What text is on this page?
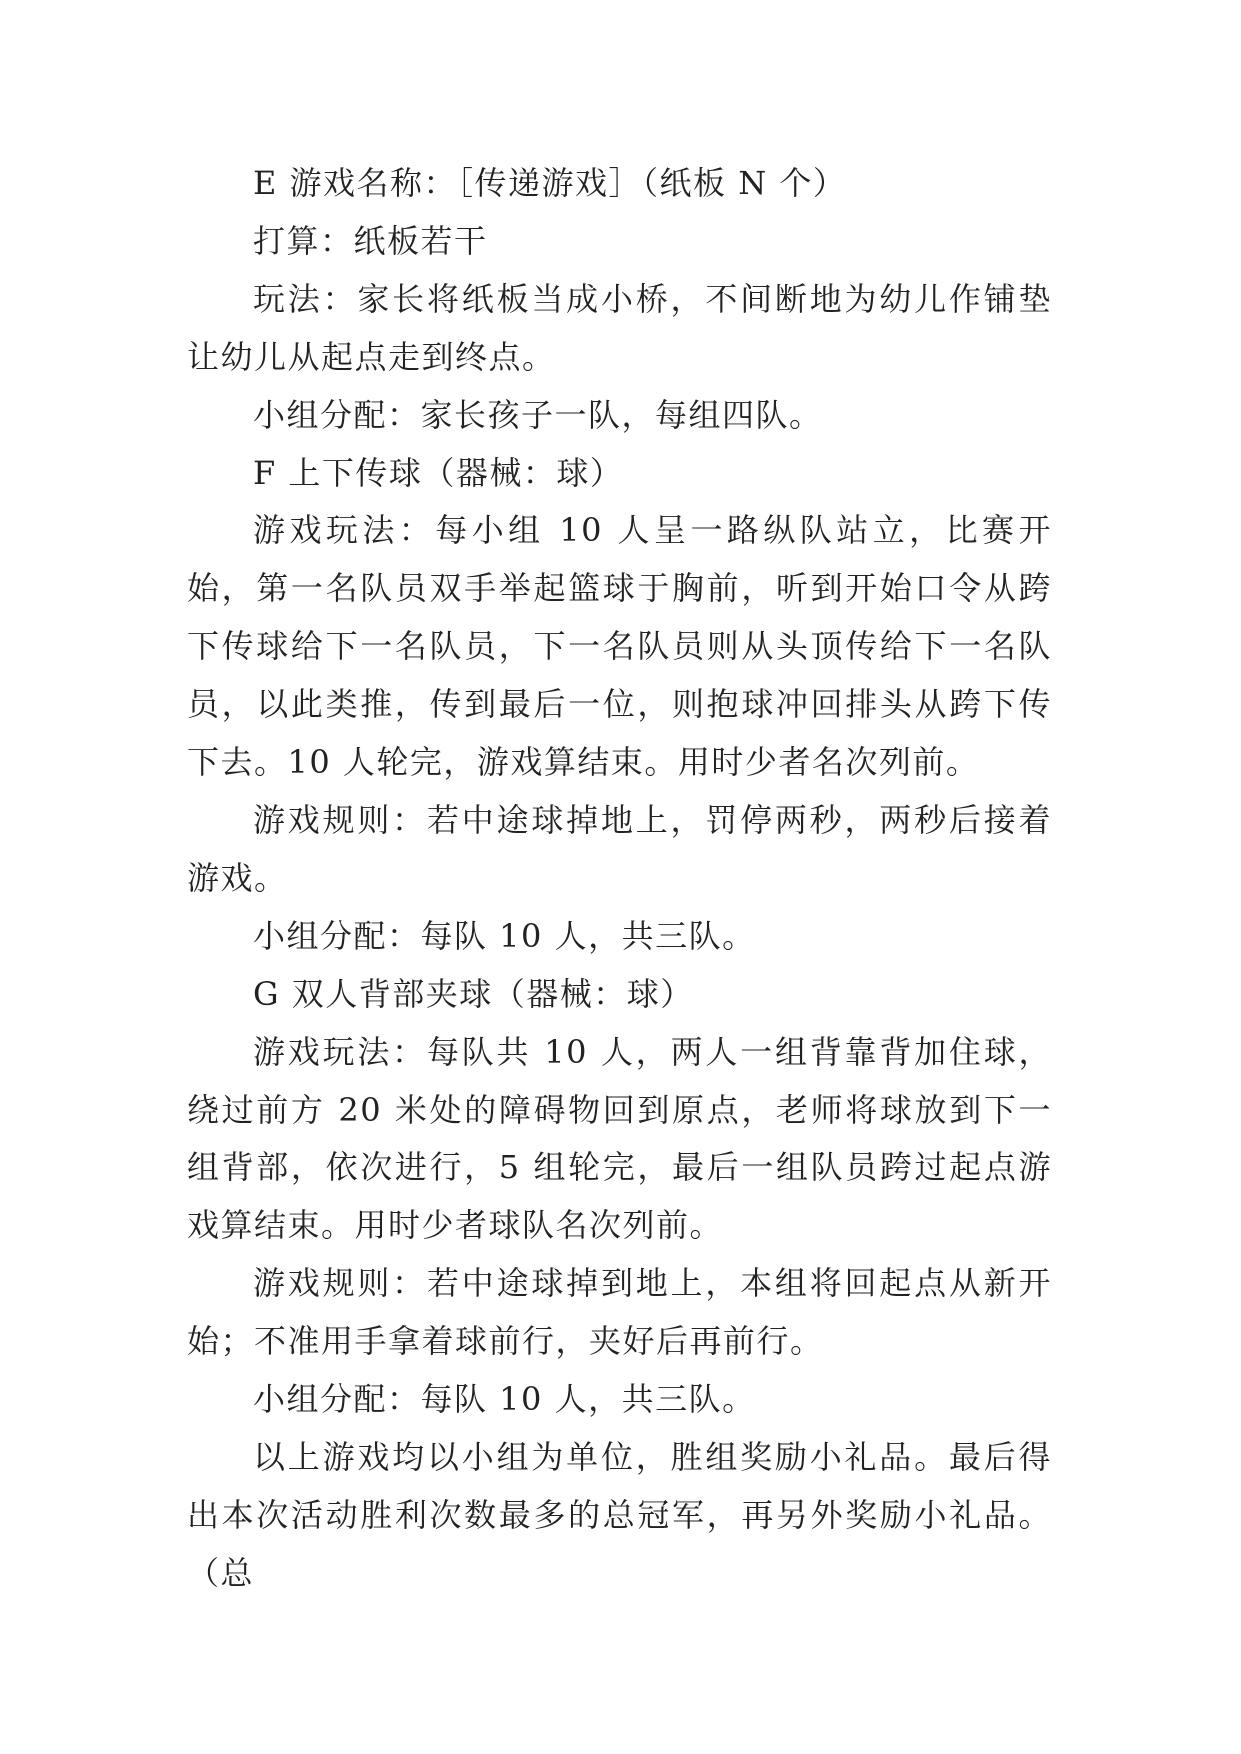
E 游戏名称：［传递游戏］（纸板 N 个）

打算：纸板若干

玩法：家长将纸板当成小桥，不间断地为幼儿作铺垫让幼儿从起点走到终点。

小组分配：家长孩子一队，每组四队。

F 上下传球（器械：球）

游戏玩法：每小组 10 人呈一路纵队站立，比赛开始，第一名队员双手举起篮球于胸前，听到开始口令从跨下传球给下一名队员，下一名队员则从头顶传给下一名队员，以此类推，传到最后一位，则抱球冲回排头从跨下传下去。10 人轮完，游戏算结束。用时少者名次列前。

游戏规则：若中途球掉地上，罚停两秒，两秒后接着游戏。

小组分配：每队 10 人，共三队。

G 双人背部夹球（器械：球）

游戏玩法：每队共 10 人，两人一组背靠背加住球，绕过前方 20 米处的障碍物回到原点，老师将球放到下一组背部，依次进行，5 组轮完，最后一组队员跨过起点游戏算结束。用时少者球队名次列前。

游戏规则：若中途球掉到地上，本组将回起点从新开始；不准用手拿着球前行，夹好后再前行。

小组分配：每队 10 人，共三队。

以上游戏均以小组为单位，胜组奖励小礼品。最后得出本次活动胜利次数最多的总冠军，再另外奖励小礼品。（总
